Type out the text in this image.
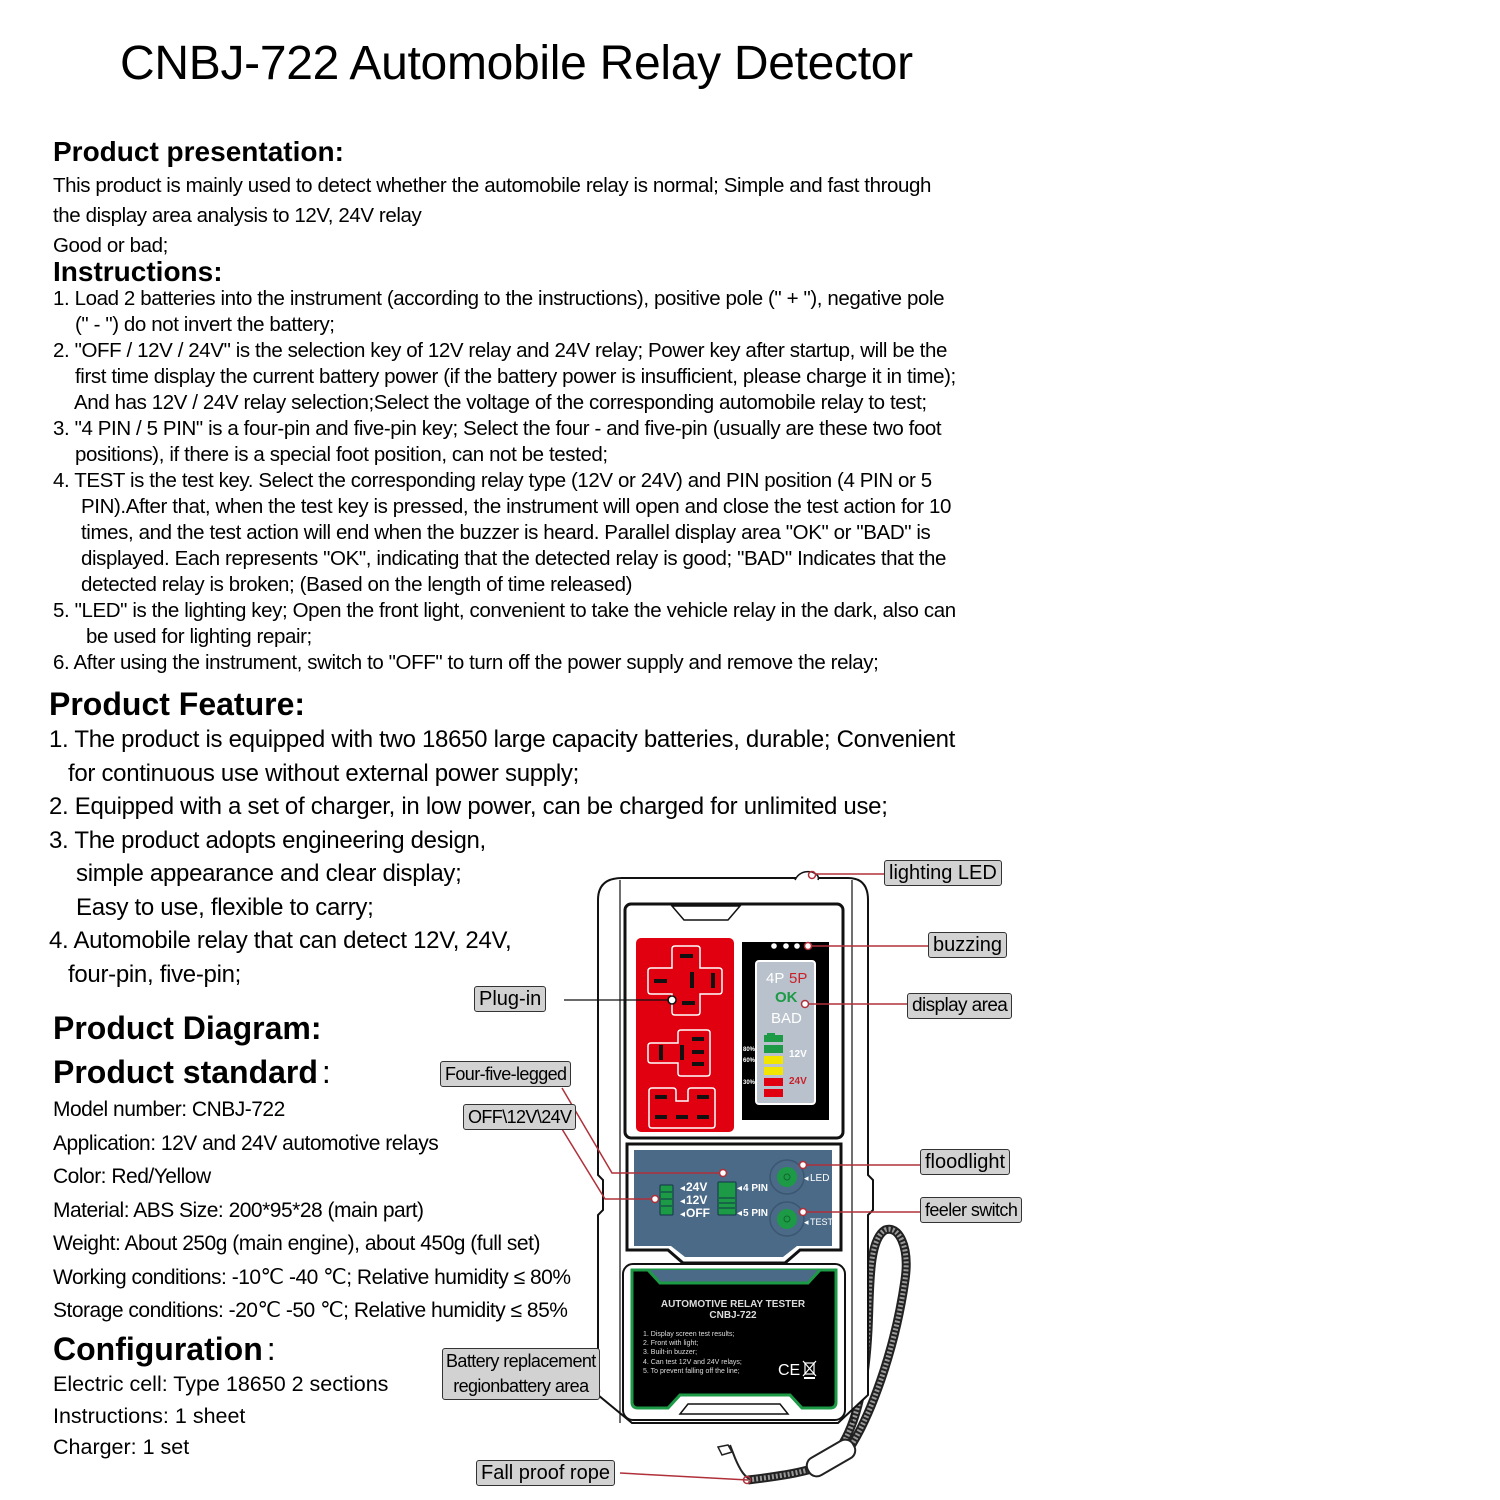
CNBJ-722 Automobile Relay Detector
Product presentation:
This product is mainly used to detect whether the automobile relay is normal; Simple and fast through
the display area analysis to 12V, 24V relay
Good or bad;
Instructions:
1. Load 2 batteries into the instrument (according to the instructions), positive pole (" + "), negative pole
(" - ") do not invert the battery;
2. "OFF / 12V / 24V" is the selection key of 12V relay and 24V relay; Power key after startup, will be the
first time display the current battery power (if the battery power is insufficient, please charge it in time);
And has 12V / 24V relay selection;Select the voltage of the corresponding automobile relay to test;
3. "4 PIN / 5 PIN" is a four-pin and five-pin key; Select the four - and five-pin (usually are these two foot
positions), if there is a special foot position, can not be tested;
4. TEST is the test key. Select the corresponding relay type (12V or 24V) and PIN position (4 PIN or 5
PIN).After that, when the test key is pressed, the instrument will open and close the test action for 10
times, and the test action will end when the buzzer is heard. Parallel display area "OK" or "BAD" is
displayed. Each represents "OK", indicating that the detected relay is good; "BAD" Indicates that the
detected relay is broken; (Based on the length of time released)
5. "LED" is the lighting key; Open the front light, convenient to take the vehicle relay in the dark, also can
be used for lighting repair;
6. After using the instrument, switch to "OFF" to turn off the power supply and remove the relay;
Product Feature:
1. The product is equipped with two 18650 large capacity batteries, durable; Convenient
for continuous use without external power supply;
2. Equipped with a set of charger, in low power, can be charged for unlimited use;
3. The product adopts engineering design,
simple appearance and clear display;
Easy to use, flexible to carry;
4. Automobile relay that can detect 12V, 24V,
four-pin, five-pin;
Product Diagram:
Product standard :
Model number: CNBJ-722
Application: 12V and 24V automotive relays
Color: Red/Yellow
Material: ABS Size: 200*95*28 (main part)
Weight: About 250g (main engine), about 450g (full set)
Working conditions: -10℃ -40 ℃; Relative humidity ≤ 80%
Storage conditions: -20℃ -50 ℃; Relative humidity ≤ 85%
Configuration :
Electric cell: Type 18650 2 sections
Instructions: 1 sheet
Charger: 1 set
4P 5P
OK
BAD
80%
60%
30%
12V
24V
◂ 24V
◂ 12V
◂ OFF
◂ 4 PIN
◂ 5 PIN
◂ LED
◂ TEST
AUTOMOTIVE RELAY TESTER
CNBJ-722
1. Display screen test results;
2. Front with light;
3. Built-in buzzer;
4. Can test 12V and 24V relays;
5. To prevent falling off the line; CE
lighting LED
buzzing
Plug-in	display area
Four-five-legged
OFF\12V\24V
floodlight
feeler switch
Battery replacement
regionbattery area
Fall proof rope
